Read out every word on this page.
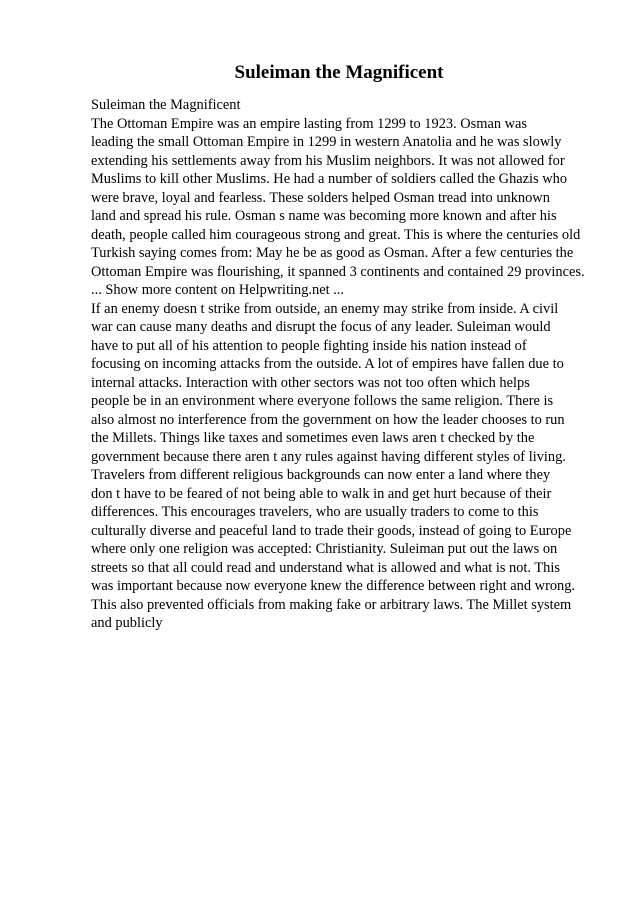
Suleiman the Magnificent
Suleiman the Magnificent
The Ottoman Empire was an empire lasting from 1299 to 1923. Osman was
leading the small Ottoman Empire in 1299 in western Anatolia and he was slowly
extending his settlements away from his Muslim neighbors. It was not allowed for
Muslims to kill other Muslims. He had a number of soldiers called the Ghazis who
were brave, loyal and fearless. These solders helped Osman tread into unknown
land and spread his rule. Osman s name was becoming more known and after his
death, people called him courageous strong and great. This is where the centuries old
Turkish saying comes from: May he be as good as Osman. After a few centuries the
Ottoman Empire was flourishing, it spanned 3 continents and contained 29 provinces.
... Show more content on Helpwriting.net ...
If an enemy doesn t strike from outside, an enemy may strike from inside. A civil
war can cause many deaths and disrupt the focus of any leader. Suleiman would
have to put all of his attention to people fighting inside his nation instead of
focusing on incoming attacks from the outside. A lot of empires have fallen due to
internal attacks. Interaction with other sectors was not too often which helps
people be in an environment where everyone follows the same religion. There is
also almost no interference from the government on how the leader chooses to run
the Millets. Things like taxes and sometimes even laws aren t checked by the
government because there aren t any rules against having different styles of living.
Travelers from different religious backgrounds can now enter a land where they
don t have to be feared of not being able to walk in and get hurt because of their
differences. This encourages travelers, who are usually traders to come to this
culturally diverse and peaceful land to trade their goods, instead of going to Europe
where only one religion was accepted: Christianity. Suleiman put out the laws on
streets so that all could read and understand what is allowed and what is not. This
was important because now everyone knew the difference between right and wrong.
This also prevented officials from making fake or arbitrary laws. The Millet system
and publicly
